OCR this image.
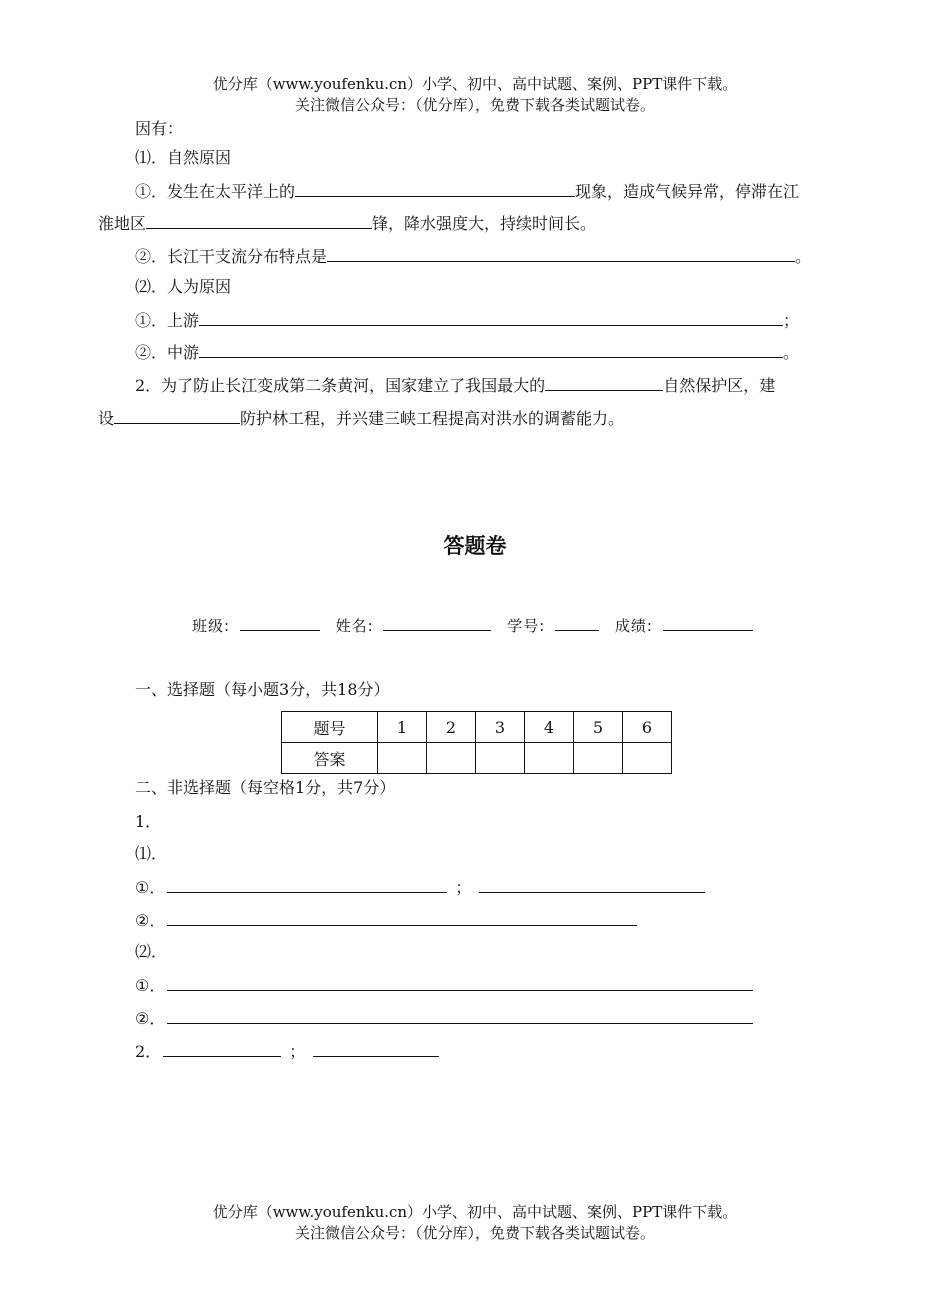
优分库（www.youfenku.cn）小学、初中、高中试题、案例、PPT课件下载。
关注微信公众号：（优分库），免费下载各类试题试卷。
因有：
⑴．自然原因
①．发生在太平洋上的	现象，造成气候异常，停滞在江
淮地区	锋，降水强度大，持续时间长。
②．长江干支流分布特点是	。
⑵．人为原因
①．上游	；
②．中游	。
2．为了防止长江变成第二条黄河，国家建立了我国最大的	自然保护区，建
设	防护林工程，并兴建三峡工程提高对洪水的调蓄能力。
答题卷
班级:	姓名:	学号:	成绩:
一、选择题（每小题3分，共18分）
题号	1	2	3	4	5	6
答案						
二、非选择题（每空格1分，共7分）
1．
⑴．
①．	；
②．
⑵．
①．
②．
2．	；
优分库（www.youfenku.cn）小学、初中、高中试题、案例、PPT课件下载。
关注微信公众号：（优分库），免费下载各类试题试卷。
